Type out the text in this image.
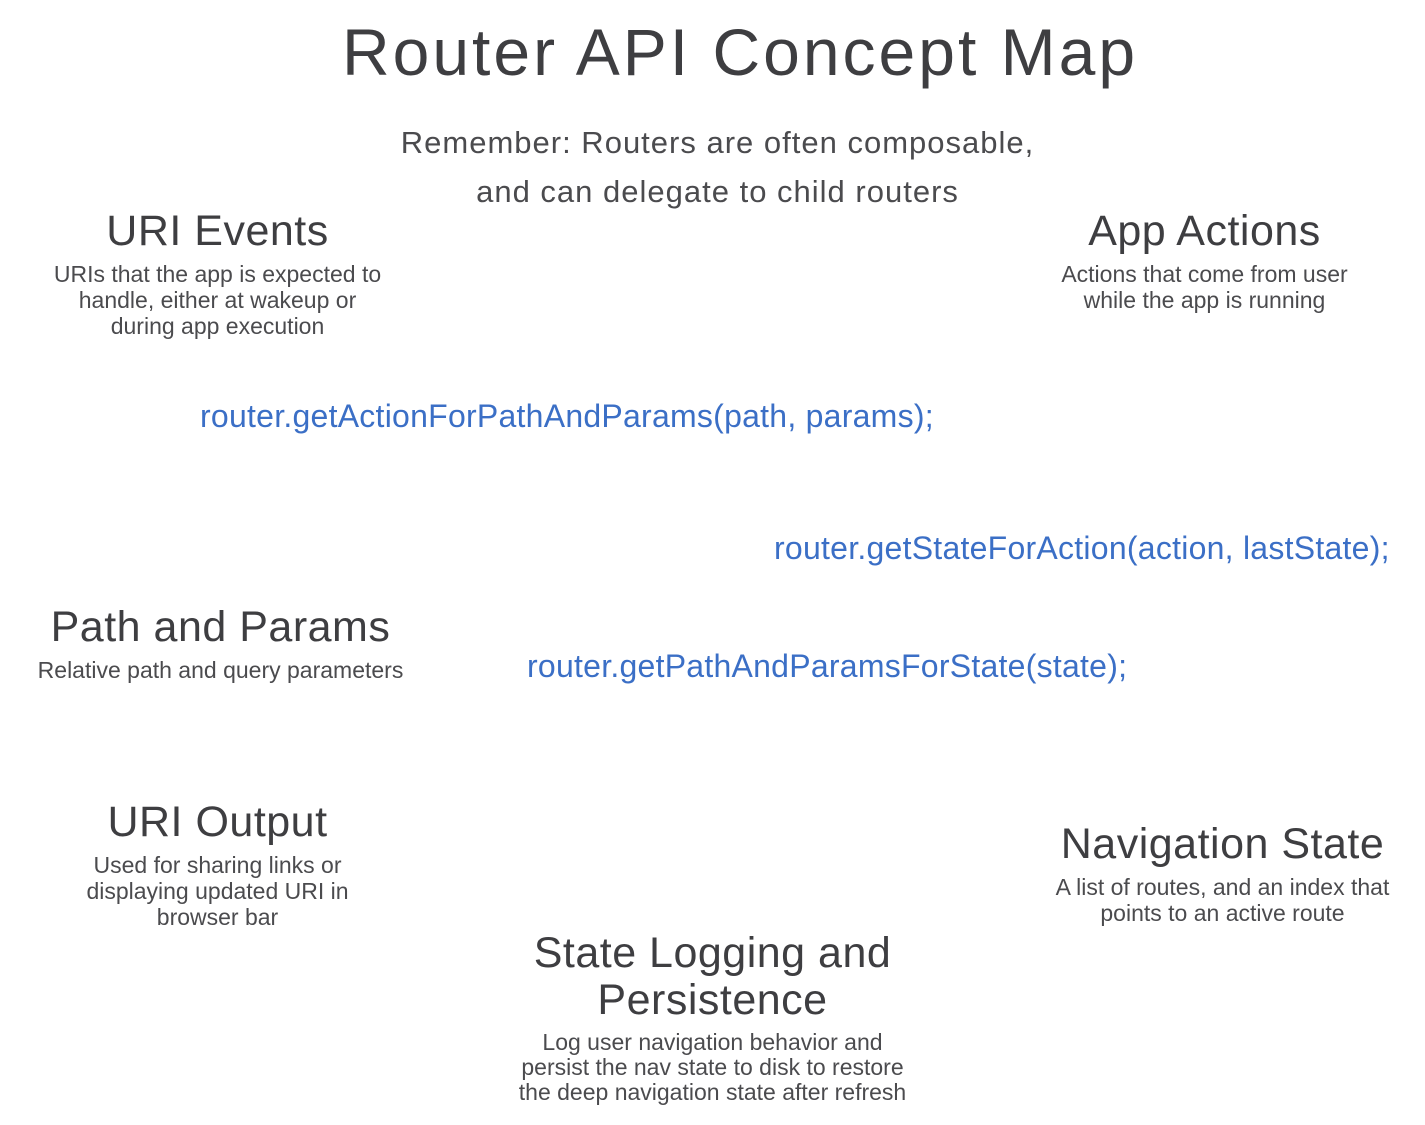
Router API Concept Map
Remember: Routers are often composable,
and can delegate to child routers
URI Events
URIs that the app is expected to
handle, either at wakeup or
during app execution
App Actions
Actions that come from user
while the app is running
router.getActionForPathAndParams(path, params);
router.getStateForAction(action, lastState);
Path and Params
Relative path and query parameters	router.getPathAndParamsForState(state);
URI Output
Used for sharing links or
displaying updated URI in
browser bar
Navigation State
A list of routes, and an index that
points to an active route
State Logging and
Persistence
Log user navigation behavior and
persist the nav state to disk to restore
the deep navigation state after refresh
